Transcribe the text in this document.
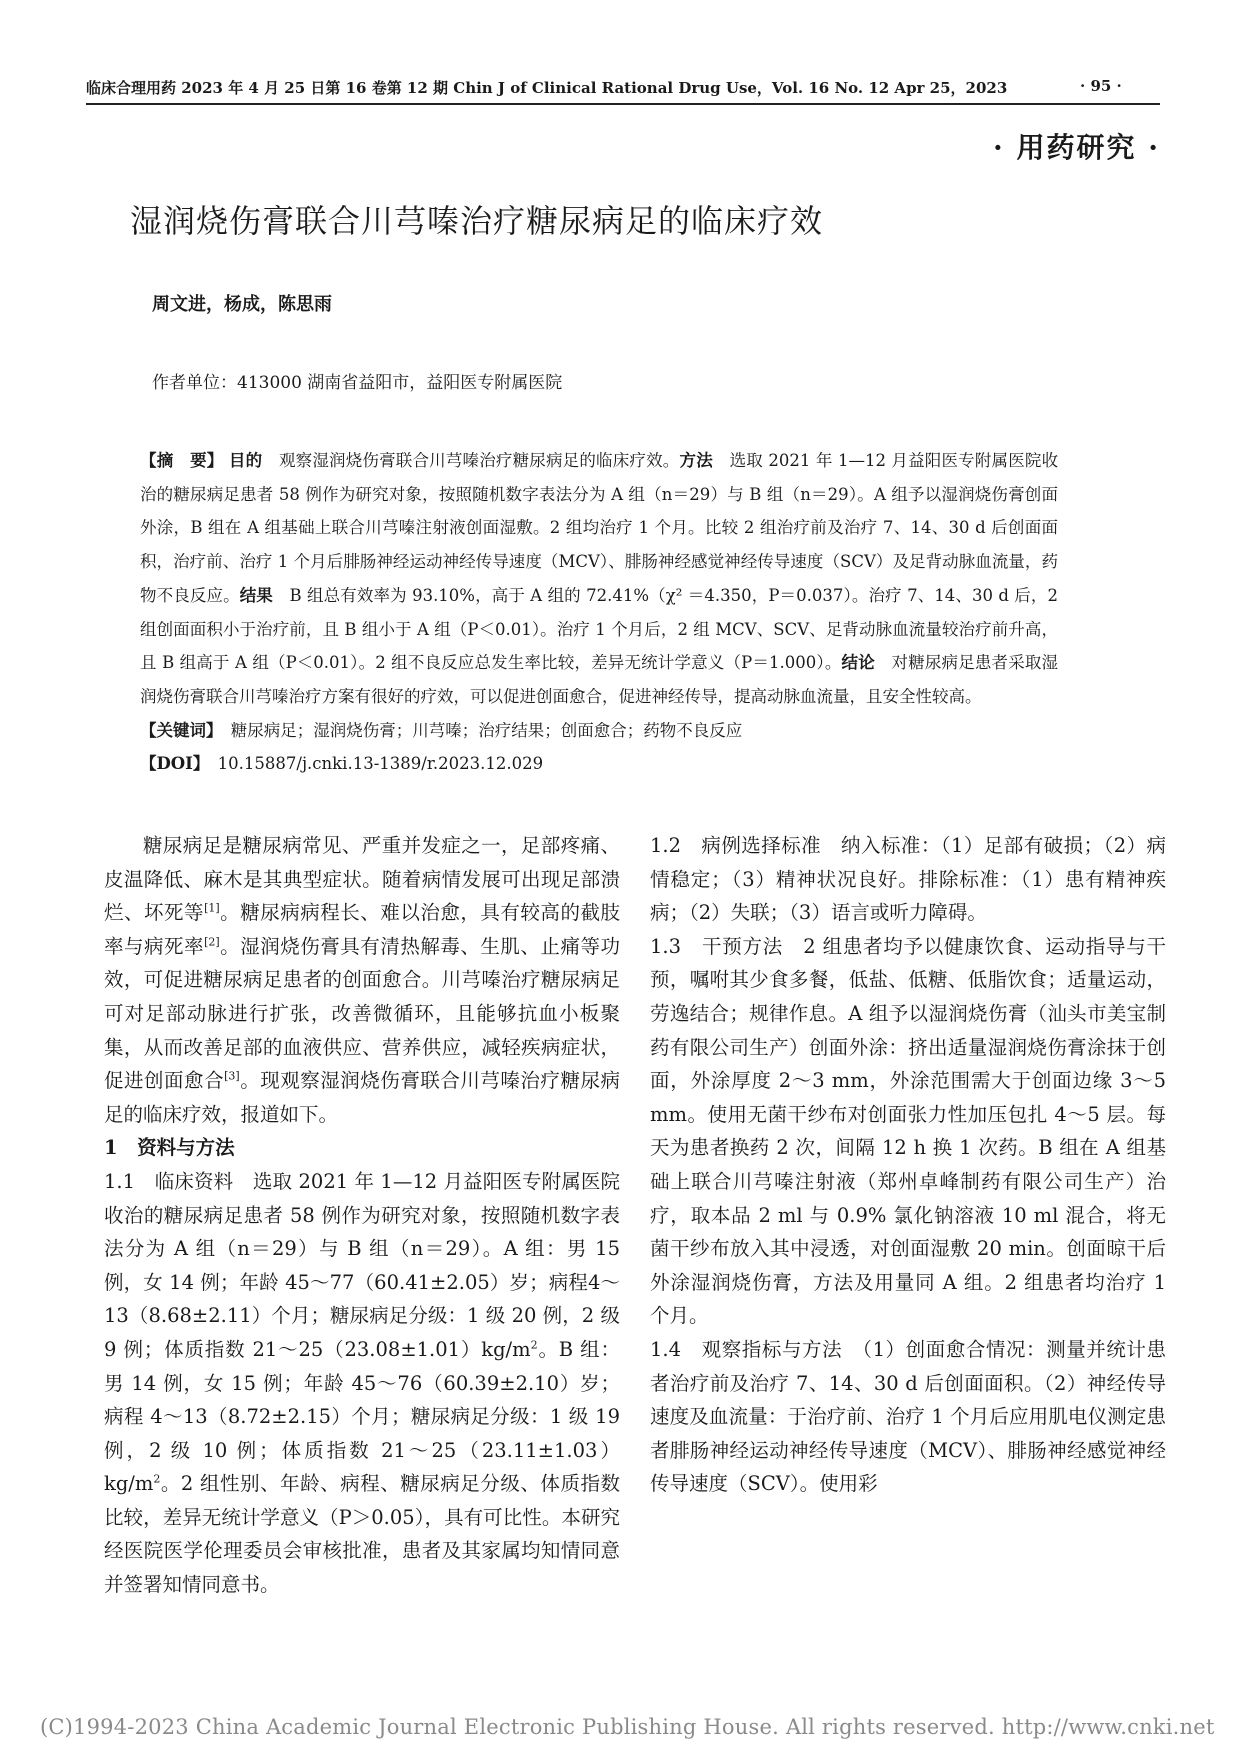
临床合理用药 2023 年 4 月 25 日第 16 卷第 12 期 Chin J of Clinical Rational Drug Use，Vol. 16 No. 12 Apr 25，2023	· 95 ·
· 用药研究 ·
湿润烧伤膏联合川芎嗪治疗糖尿病足的临床疗效
周文进，杨成，陈思雨
作者单位：413000 湖南省益阳市，益阳医专附属医院

【摘　要】 目的　 观察湿润烧伤膏联合川芎嗪治疗糖尿病足的临床疗效。方法　 选取 2021 年 1—12 月益阳医专附属医院收治的糖尿病足患者 58 例作为研究对象，按照随机数字表法分为 A 组（n＝29）与 B 组（n＝29）。A 组予以湿润烧伤膏创面外涂，B 组在 A 组基础上联合川芎嗪注射液创面湿敷。2 组均治疗 1 个月。比较 2 组治疗前及治疗 7、14、30 d 后创面面积，治疗前、治疗 1 个月后腓肠神经运动神经传导速度（MCV）、腓肠神经感觉神经传导速度（SCV）及足背动脉血流量，药物不良反应。结果　 B 组总有效率为 93.10%，高于 A 组的 72.41%（χ² ＝4.350，P＝0.037）。治疗 7、14、30 d 后，2 组创面面积小于治疗前，且 B 组小于 A 组（P＜0.01）。治疗 1 个月后，2 组 MCV、SCV、足背动脉血流量较治疗前升高，且 B 组高于 A 组（P＜0.01）。2 组不良反应总发生率比较，差异无统计学意义（P＝1.000）。结论　 对糖尿病足患者采取湿润烧伤膏联合川芎嗪治疗方案有很好的疗效，可以促进创面愈合，促进神经传导，提高动脉血流量，且安全性较高。

【关键词】　 糖尿病足；湿润烧伤膏；川芎嗪；治疗结果；创面愈合；药物不良反应

【DOI】　 10.15887/j.cnki.13-1389/r.2023.12.029

糖尿病足是糖尿病常见、严重并发症之一，足部疼痛、皮温降低、麻木是其典型症状。随着病情发展可出现足部溃烂、坏死等[1]。糖尿病病程长、难以治愈，具有较高的截肢率与病死率[2]。湿润烧伤膏具有清热解毒、生肌、止痛等功效，可促进糖尿病足患者的创面愈合。川芎嗪治疗糖尿病足可对足部动脉进行扩张，改善微循环，且能够抗血小板聚集，从而改善足部的血液供应、营养供应，减轻疾病症状，促进创面愈合[3]。现观察湿润烧伤膏联合川芎嗪治疗糖尿病足的临床疗效，报道如下。

1　资料与方法

1.1　临床资料　选取 2021 年 1—12 月益阳医专附属医院收治的糖尿病足患者 58 例作为研究对象，按照随机数字表法分为 A 组（n＝29）与 B 组（n＝29）。A 组：男 15 例，女 14 例；年龄 45～77（60.41±2.05）岁；病程4～13（8.68±2.11）个月；糖尿病足分级：1 级 20 例，2 级 9 例；体质指数 $21\sim 25(23.08\pm 1.01)kg/m^2$。B 组：男 14 例，女 15 例；年龄 45～76（60.39±2.10）岁；病程 4～13（8.72±2.15）个月；糖尿病足分级：1 级 19 例，2 级 10 例；体质指数 $21\sim 25(23.11\pm 1.03)kg/m^2$。2 组性别、年龄、病程、糖尿病足分级、体质指数比较，差异无统计学意义（P＞0.05），具有可比性。本研究经医院医学伦理委员会审核批准，患者及其家属均知情同意并签署知情同意书。

1.2　病例选择标准　纳入标准：（1）足部有破损；（2）病情稳定；（3）精神状况良好。排除标准：（1）患有精神疾病；（2）失联；（3）语言或听力障碍。

1.3　干预方法　2 组患者均予以健康饮食、运动指导与干预，嘱咐其少食多餐，低盐、低糖、低脂饮食；适量运动，劳逸结合；规律作息。A 组予以湿润烧伤膏（汕头市美宝制药有限公司生产）创面外涂：挤出适量湿润烧伤膏涂抹于创面，外涂厚度 2～3 mm，外涂范围需大于创面边缘 3～5 mm。使用无菌干纱布对创面张力性加压包扎 4～5 层。每天为患者换药 2 次，间隔 12 h 换 1 次药。B 组在 A 组基础上联合川芎嗪注射液（郑州卓峰制药有限公司生产）治疗，取本品 2 ml 与 0.9% 氯化钠溶液 10 ml 混合，将无菌干纱布放入其中浸透，对创面湿敷 20 min。创面晾干后外涂湿润烧伤膏，方法及用量同 A 组。2 组患者均治疗 1 个月。

1.4　观察指标与方法　（1）创面愈合情况：测量并统计患者治疗前及治疗 7、14、30 d 后创面面积。（2）神经传导速度及血流量：于治疗前、治疗 1 个月后应用肌电仪测定患者腓肠神经运动神经传导速度（MCV）、腓肠神经感觉神经传导速度（SCV）。使用彩

(C)1994-2023 China Academic Journal Electronic Publishing House. All rights reserved. http://www.cnki.net
